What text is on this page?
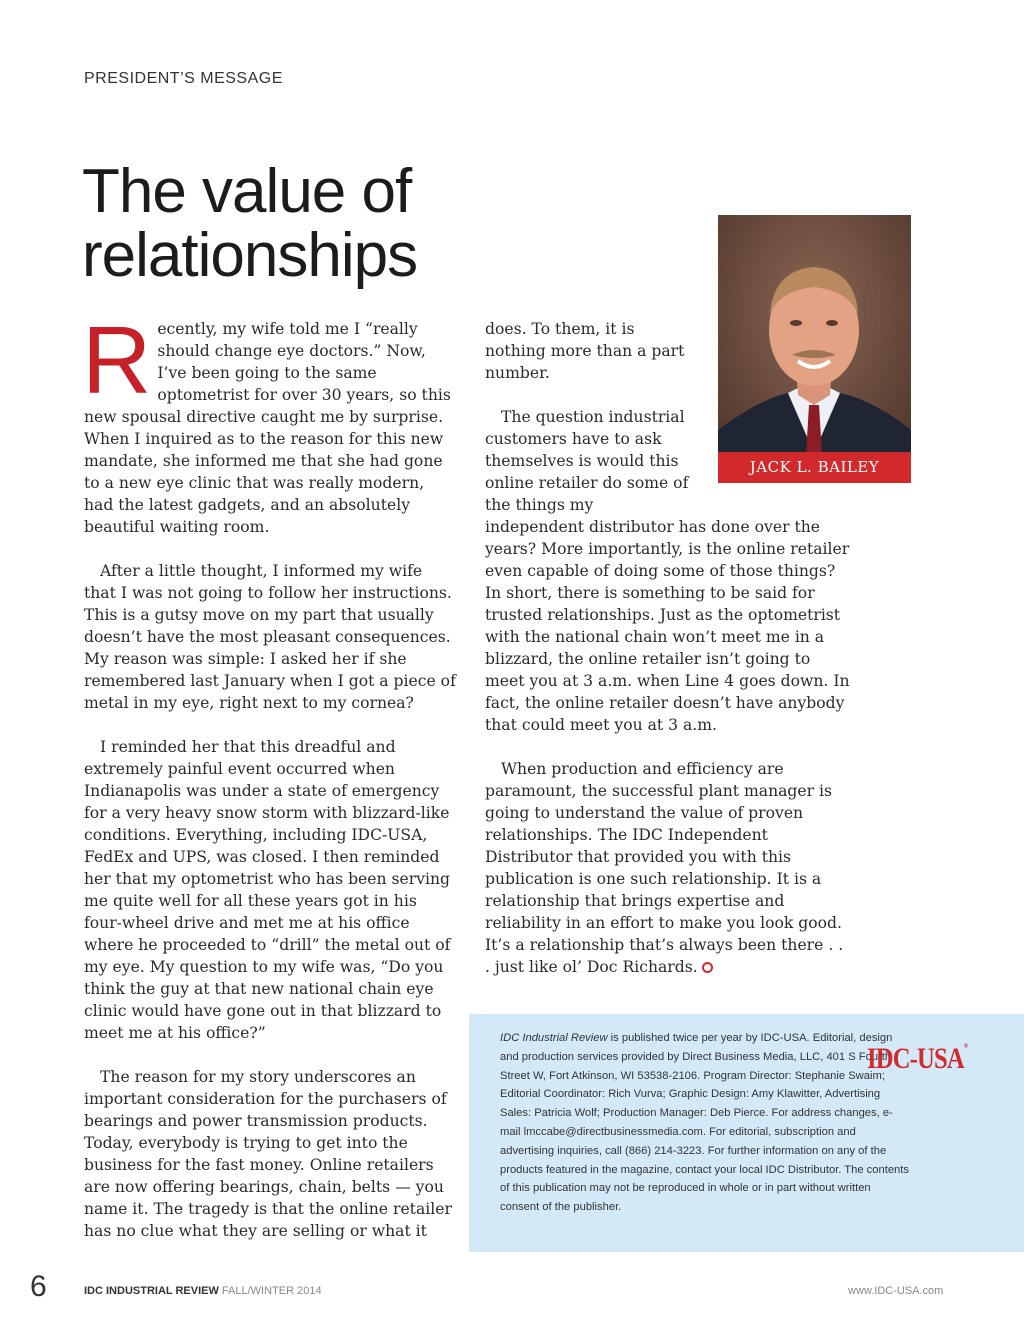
PRESIDENT’S MESSAGE
The value of relationships

Recently, my wife told me I “really should change eye doctors.” Now, I’ve been going to the same optometrist for over 30 years, so this new spousal directive caught me by surprise. When I inquired as to the reason for this new mandate, she informed me that she had gone to a new eye clinic that was really modern, had the latest gadgets, and an absolutely beautiful waiting room.

After a little thought, I informed my wife that I was not going to follow her instructions. This is a gutsy move on my part that usually doesn’t have the most pleasant consequences. My reason was simple: I asked her if she remembered last January when I got a piece of metal in my eye, right next to my cornea?

I reminded her that this dreadful and extremely painful event occurred when Indianapolis was under a state of emergency for a very heavy snow storm with blizzard-like conditions. Everything, including IDC-USA, FedEx and UPS, was closed. I then reminded her that my optometrist who has been serving me quite well for all these years got in his four-wheel drive and met me at his office where he proceeded to “drill” the metal out of my eye. My question to my wife was, “Do you think the guy at that new national chain eye clinic would have gone out in that blizzard to meet me at his office?”

The reason for my story underscores an important consideration for the purchasers of bearings and power transmission products. Today, everybody is trying to get into the business for the fast money. Online retailers are now offering bearings, chain, belts — you name it. The tragedy is that the online retailer has no clue what they are selling or what it

does. To them, it is nothing more than a part number.

The question industrial customers have to ask themselves is would this online retailer do some of the things my independent distributor has done over the years? More importantly, is the online retailer even capable of doing some of those things? In short, there is something to be said for trusted relationships. Just as the optometrist with the national chain won’t meet me in a blizzard, the online retailer isn’t going to meet you at 3 a.m. when Line 4 goes down. In fact, the online retailer doesn’t have anybody that could meet you at 3 a.m.

When production and efficiency are paramount, the successful plant manager is going to understand the value of proven relationships. The IDC Independent Distributor that provided you with this publication is one such relationship. It is a relationship that brings expertise and reliability in an effort to make you look good. It’s a relationship that’s always been there . . . just like ol’ Doc Richards.

JACK L. BAILEY
IDC Industrial Review is published twice per year by IDC-USA. Editorial, design and production services provided by Direct Business Media, LLC, 401 S Fourth Street W, Fort Atkinson, WI 53538-2106. Program Director: Stephanie Swaim; Editorial Coordinator: Rich Vurva; Graphic Design: Amy Klawitter, Advertising Sales: Patricia Wolf; Production Manager: Deb Pierce. For address changes, e-mail lmccabe@directbusinessmedia.com. For editorial, subscription and advertising inquiries, call (866) 214-3223. For further information on any of the products featured in the magazine, contact your local IDC Distributor. The contents of this publication may not be reproduced in whole or in part without written consent of the publisher.
IDC-USA®
6	IDC INDUSTRIAL REVIEW FALL/WINTER 2014	www.IDC-USA.com
